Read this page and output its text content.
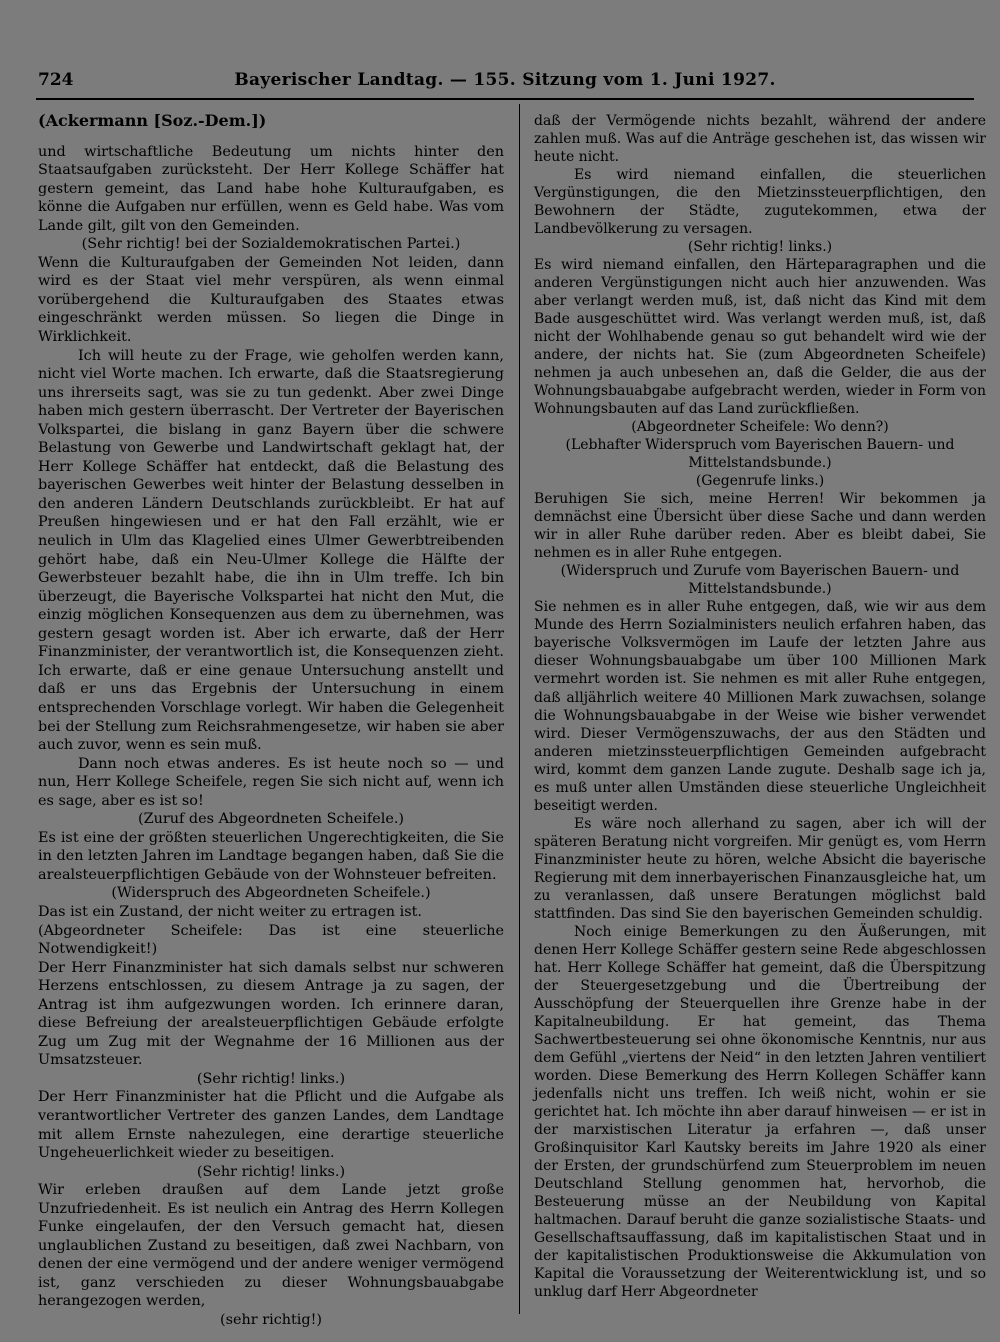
724	Bayerischer Landtag. — 155. Sitzung vom 1. Juni 1927.

(Ackermann [Soz.-Dem.])

und wirtschaftliche Bedeutung um nichts hinter den Staatsaufgaben zurücksteht. Der Herr Kollege Schäffer hat gestern gemeint, das Land habe hohe Kulturaufgaben, es könne die Aufgaben nur erfüllen, wenn es Geld habe. Was vom Lande gilt, gilt von den Gemeinden.

(Sehr richtig! bei der Sozialdemokratischen Partei.)

Wenn die Kulturaufgaben der Gemeinden Not leiden, dann wird es der Staat viel mehr verspüren, als wenn einmal vorübergehend die Kulturaufgaben des Staates etwas eingeschränkt werden müssen. So liegen die Dinge in Wirklichkeit.

Ich will heute zu der Frage, wie geholfen werden kann, nicht viel Worte machen. Ich erwarte, daß die Staatsregierung uns ihrerseits sagt, was sie zu tun gedenkt. Aber zwei Dinge haben mich gestern überrascht. Der Vertreter der Bayerischen Volkspartei, die bislang in ganz Bayern über die schwere Belastung von Gewerbe und Landwirtschaft geklagt hat, der Herr Kollege Schäffer hat entdeckt, daß die Belastung des bayerischen Gewerbes weit hinter der Belastung desselben in den anderen Ländern Deutschlands zurückbleibt. Er hat auf Preußen hingewiesen und er hat den Fall erzählt, wie er neulich in Ulm das Klagelied eines Ulmer Gewerbtreibenden gehört habe, daß ein Neu-Ulmer Kollege die Hälfte der Gewerbsteuer bezahlt habe, die ihn in Ulm treffe. Ich bin überzeugt, die Bayerische Volkspartei hat nicht den Mut, die einzig möglichen Konsequenzen aus dem zu übernehmen, was gestern gesagt worden ist. Aber ich erwarte, daß der Herr Finanzminister, der verantwortlich ist, die Konsequenzen zieht. Ich erwarte, daß er eine genaue Untersuchung anstellt und daß er uns das Ergebnis der Untersuchung in einem entsprechenden Vorschlage vorlegt. Wir haben die Gelegenheit bei der Stellung zum Reichsrahmengesetze, wir haben sie aber auch zuvor, wenn es sein muß.

Dann noch etwas anderes. Es ist heute noch so — und nun, Herr Kollege Scheifele, regen Sie sich nicht auf, wenn ich es sage, aber es ist so!

(Zuruf des Abgeordneten Scheifele.)

Es ist eine der größten steuerlichen Ungerechtigkeiten, die Sie in den letzten Jahren im Landtage begangen haben, daß Sie die arealsteuerpflichtigen Gebäude von der Wohnsteuer befreiten.

(Widerspruch des Abgeordneten Scheifele.)

Das ist ein Zustand, der nicht weiter zu ertragen ist.

(Abgeordneter Scheifele: Das ist eine steuerliche Notwendigkeit!)

Der Herr Finanzminister hat sich damals selbst nur schweren Herzens entschlossen, zu diesem Antrage ja zu sagen, der Antrag ist ihm aufgezwungen worden. Ich erinnere daran, diese Befreiung der arealsteuerpflichtigen Gebäude erfolgte Zug um Zug mit der Wegnahme der 16 Millionen aus der Umsatzsteuer.

(Sehr richtig! links.)

Der Herr Finanzminister hat die Pflicht und die Aufgabe als verantwortlicher Vertreter des ganzen Landes, dem Landtage mit allem Ernste nahezulegen, eine derartige steuerliche Ungeheuerlichkeit wieder zu beseitigen.

(Sehr richtig! links.)

Wir erleben draußen auf dem Lande jetzt große Unzufriedenheit. Es ist neulich ein Antrag des Herrn Kollegen Funke eingelaufen, der den Versuch gemacht hat, diesen unglaublichen Zustand zu beseitigen, daß zwei Nachbarn, von denen der eine vermögend und der andere weniger vermögend ist, ganz verschieden zu dieser Wohnungsbauabgabe herangezogen werden,

(sehr richtig!)

daß der Vermögende nichts bezahlt, während der andere zahlen muß. Was auf die Anträge geschehen ist, das wissen wir heute nicht.

Es wird niemand einfallen, die steuerlichen Vergünstigungen, die den Mietzinssteuerpflichtigen, den Bewohnern der Städte, zugutekommen, etwa der Landbevölkerung zu versagen.

(Sehr richtig! links.)

Es wird niemand einfallen, den Härteparagraphen und die anderen Vergünstigungen nicht auch hier anzuwenden. Was aber verlangt werden muß, ist, daß nicht das Kind mit dem Bade ausgeschüttet wird. Was verlangt werden muß, ist, daß nicht der Wohlhabende genau so gut behandelt wird wie der andere, der nichts hat. Sie (zum Abgeordneten Scheifele) nehmen ja auch unbesehen an, daß die Gelder, die aus der Wohnungsbauabgabe aufgebracht werden, wieder in Form von Wohnungsbauten auf das Land zurückfließen.

(Abgeordneter Scheifele: Wo denn?)

(Lebhafter Widerspruch vom Bayerischen Bauern- und Mittelstandsbunde.)

(Gegenrufe links.)

Beruhigen Sie sich, meine Herren! Wir bekommen ja demnächst eine Übersicht über diese Sache und dann werden wir in aller Ruhe darüber reden. Aber es bleibt dabei, Sie nehmen es in aller Ruhe entgegen.

(Widerspruch und Zurufe vom Bayerischen Bauern- und Mittelstandsbunde.)

Sie nehmen es in aller Ruhe entgegen, daß, wie wir aus dem Munde des Herrn Sozialministers neulich erfahren haben, das bayerische Volksvermögen im Laufe der letzten Jahre aus dieser Wohnungsbauabgabe um über 100 Millionen Mark vermehrt worden ist. Sie nehmen es mit aller Ruhe entgegen, daß alljährlich weitere 40 Millionen Mark zuwachsen, solange die Wohnungsbauabgabe in der Weise wie bisher verwendet wird. Dieser Vermögenszuwachs, der aus den Städten und anderen mietzinssteuerpflichtigen Gemeinden aufgebracht wird, kommt dem ganzen Lande zugute. Deshalb sage ich ja, es muß unter allen Umständen diese steuerliche Ungleichheit beseitigt werden.

Es wäre noch allerhand zu sagen, aber ich will der späteren Beratung nicht vorgreifen. Mir genügt es, vom Herrn Finanzminister heute zu hören, welche Absicht die bayerische Regierung mit dem innerbayerischen Finanzausgleiche hat, um zu veranlassen, daß unsere Beratungen möglichst bald stattfinden. Das sind Sie den bayerischen Gemeinden schuldig.

Noch einige Bemerkungen zu den Äußerungen, mit denen Herr Kollege Schäffer gestern seine Rede abgeschlossen hat. Herr Kollege Schäffer hat gemeint, daß die Überspitzung der Steuergesetzgebung und die Übertreibung der Ausschöpfung der Steuerquellen ihre Grenze habe in der Kapitalneubildung. Er hat gemeint, das Thema Sachwertbesteuerung sei ohne ökonomische Kenntnis, nur aus dem Gefühl „viertens der Neid“ in den letzten Jahren ventiliert worden. Diese Bemerkung des Herrn Kollegen Schäffer kann jedenfalls nicht uns treffen. Ich weiß nicht, wohin er sie gerichtet hat. Ich möchte ihn aber darauf hinweisen — er ist in der marxistischen Literatur ja erfahren —, daß unser Großinquisitor Karl Kautsky bereits im Jahre 1920 als einer der Ersten, der grundschürfend zum Steuerproblem im neuen Deutschland Stellung genommen hat, hervorhob, die Besteuerung müsse an der Neubildung von Kapital haltmachen. Darauf beruht die ganze sozialistische Staats- und Gesellschaftsauffassung, daß im kapitalistischen Staat und in der kapitalistischen Produktionsweise die Akkumulation von Kapital die Voraussetzung der Weiterentwicklung ist, und so unklug darf Herr Abgeordneter
